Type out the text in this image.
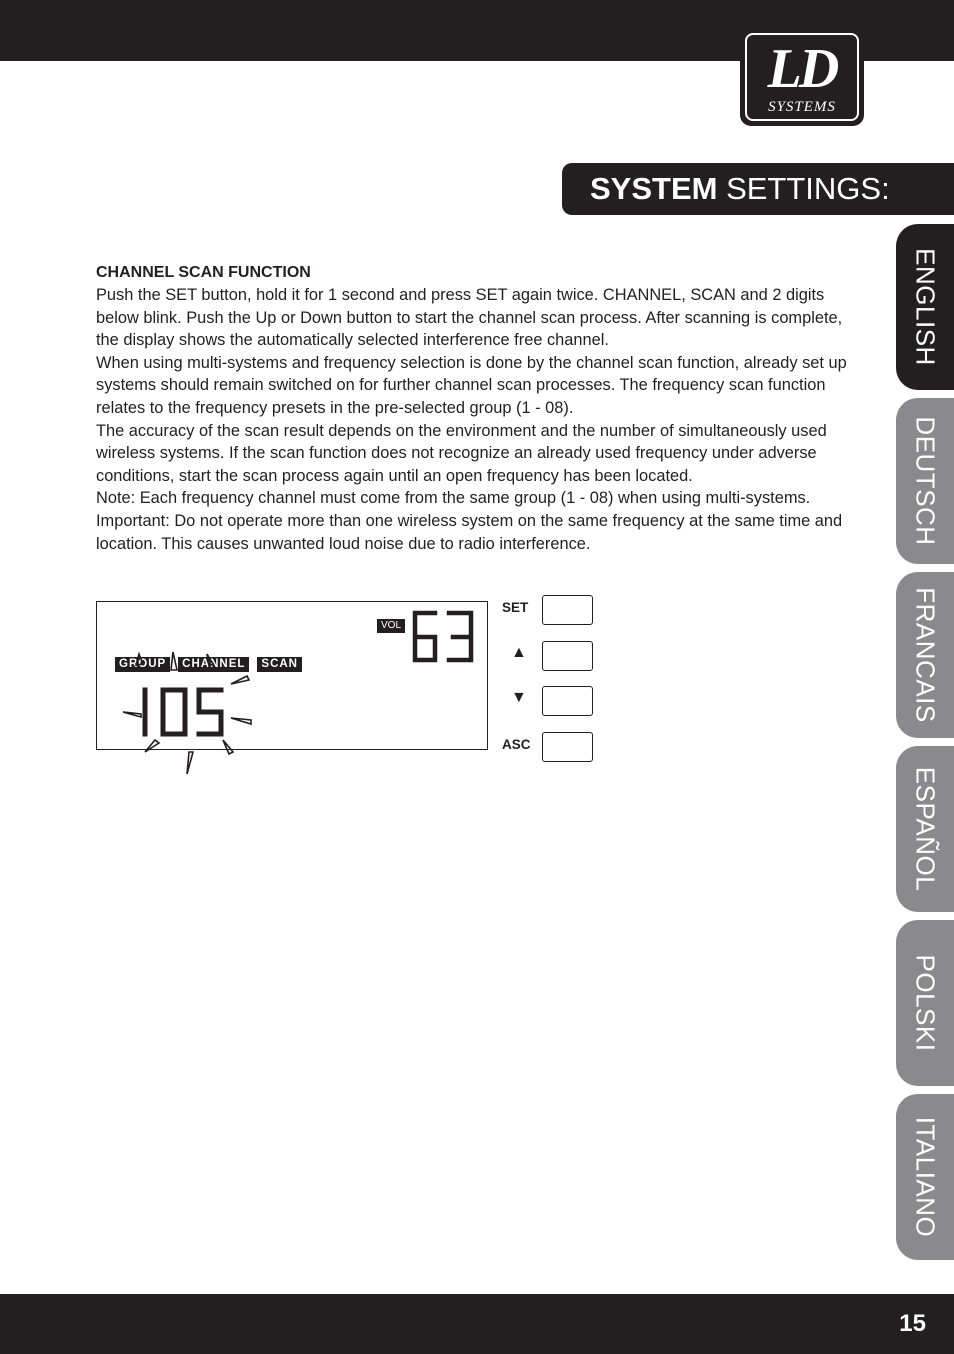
LD
SYSTEMS
SYSTEM SETTINGS:
ENGLISH
DEUTSCH
FRANCAIS
ESPAÑOL
POLSKI
ITALIANO
CHANNEL SCAN FUNCTION

Push the SET button, hold it for 1 second and press SET again twice. CHANNEL, SCAN and 2 digits below blink. Push the Up or Down button to start the channel scan process. After scanning is complete, the display shows the automatically selected interference free channel.
When using multi-systems and frequency selection is done by the channel scan function, already set up systems should remain switched on for further channel scan processes. The frequency scan function relates to the frequency presets in the pre-selected group (1 - 08).
The accuracy of the scan result depends on the environment and the number of simultaneously used wireless systems. If the scan function does not recognize an already used frequency under adverse conditions, start the scan process again until an open frequency has been located.
Note: Each frequency channel must come from the same group (1 - 08) when using multi-systems.
Important: Do not operate more than one wireless system on the same frequency at the same time and location. This causes unwanted loud noise due to radio interference.

VOL
GROUP	CHANNEL	SCAN
SET
▲
▼
ASC
15
